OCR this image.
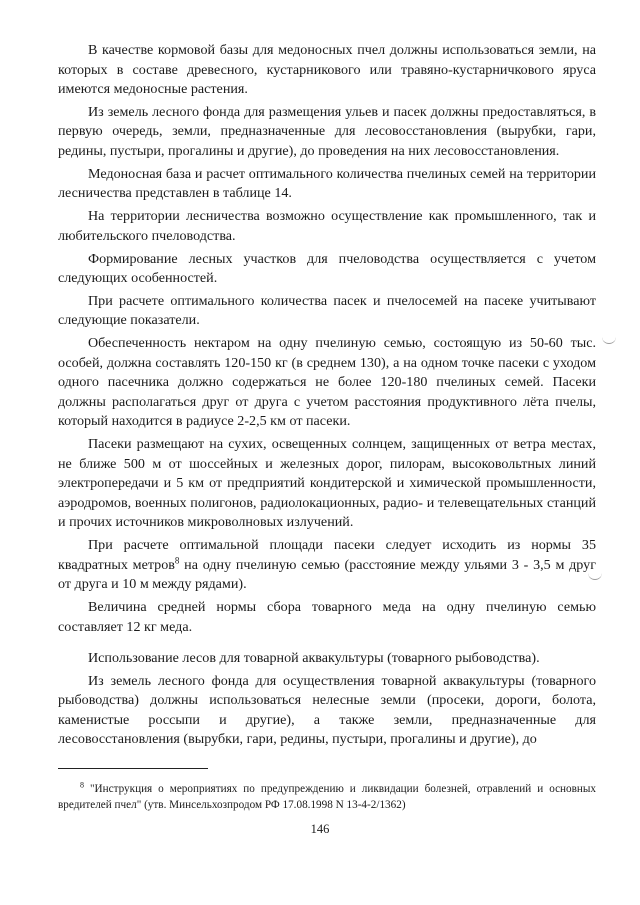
В качестве кормовой базы для медоносных пчел должны использоваться земли, на которых в составе древесного, кустарникового или травяно-кустарничкового яруса имеются медоносные растения.

Из земель лесного фонда для размещения ульев и пасек должны предоставляться, в первую очередь, земли, предназначенные для лесовосстановления (вырубки, гари, редины, пустыри, прогалины и другие), до проведения на них лесовосстановления.

Медоносная база и расчет оптимального количества пчелиных семей на территории лесничества представлен в таблице 14.

На территории лесничества возможно осуществление как промышленного, так и любительского пчеловодства.

Формирование лесных участков для пчеловодства осуществляется с учетом следующих особенностей.

При расчете оптимального количества пасек и пчелосемей на пасеке учитывают следующие показатели.

Обеспеченность нектаром на одну пчелиную семью, состоящую из 50-60 тыс. особей, должна составлять 120-150 кг (в среднем 130), а на одном точке пасеки с уходом одного пасечника должно содержаться не более 120-180 пчелиных семей. Пасеки должны располагаться друг от друга с учетом расстояния продуктивного лёта пчелы, который находится в радиусе 2-2,5 км от пасеки.

Пасеки размещают на сухих, освещенных солнцем, защищенных от ветра местах, не ближе 500 м от шоссейных и железных дорог, пилорам, высоковольтных линий электропередачи и 5 км от предприятий кондитерской и химической промышленности, аэродромов, военных полигонов, радиолокационных, радио- и телевещательных станций и прочих источников микроволновых излучений.

При расчете оптимальной площади пасеки следует исходить из нормы 35 квадратных метров$^8$ на одну пчелиную семью (расстояние между ульями 3 - 3,5 м друг от друга и 10 м между рядами).

Величина средней нормы сбора товарного меда на одну пчелиную семью составляет 12 кг меда.

Использование лесов для товарной аквакультуры (товарного рыбоводства).

Из земель лесного фонда для осуществления товарной аквакультуры (товарного рыбоводства) должны использоваться нелесные земли (просеки, дороги, болота, каменистые россыпи и другие), а также земли, предназначенные для лесовосстановления (вырубки, гари, редины, пустыри, прогалины и другие), до

$^8$ "Инструкция о мероприятиях по предупреждению и ликвидации болезней, отравлений и основных вредителей пчел" (утв. Минсельхозпродом РФ 17.08.1998 N 13-4-2/1362)

146
